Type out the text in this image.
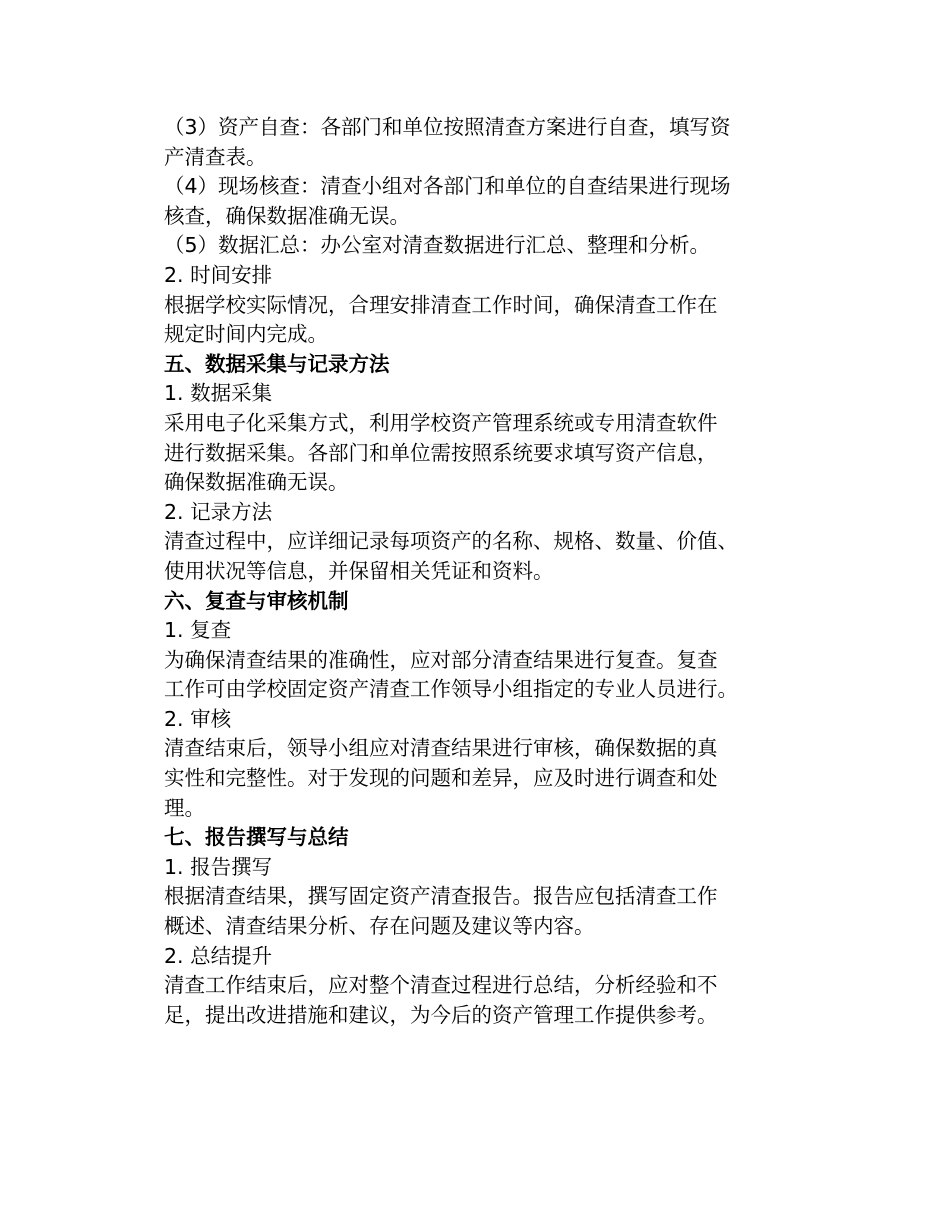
（3）资产自查：各部门和单位按照清查方案进行自查，填写资
产清查表。
（4）现场核查：清查小组对各部门和单位的自查结果进行现场
核查，确保数据准确无误。
（5）数据汇总：办公室对清查数据进行汇总、整理和分析。
2. 时间安排
根据学校实际情况，合理安排清查工作时间，确保清查工作在
规定时间内完成。
五、数据采集与记录方法
1. 数据采集
采用电子化采集方式，利用学校资产管理系统或专用清查软件
进行数据采集。各部门和单位需按照系统要求填写资产信息，
确保数据准确无误。
2. 记录方法
清查过程中，应详细记录每项资产的名称、规格、数量、价值、
使用状况等信息，并保留相关凭证和资料。
六、复查与审核机制
1. 复查
为确保清查结果的准确性，应对部分清查结果进行复查。复查
工作可由学校固定资产清查工作领导小组指定的专业人员进行。
2. 审核
清查结束后，领导小组应对清查结果进行审核，确保数据的真
实性和完整性。对于发现的问题和差异，应及时进行调查和处
理。
七、报告撰写与总结
1. 报告撰写
根据清查结果，撰写固定资产清查报告。报告应包括清查工作
概述、清查结果分析、存在问题及建议等内容。
2. 总结提升
清查工作结束后，应对整个清查过程进行总结，分析经验和不
足，提出改进措施和建议，为今后的资产管理工作提供参考。
